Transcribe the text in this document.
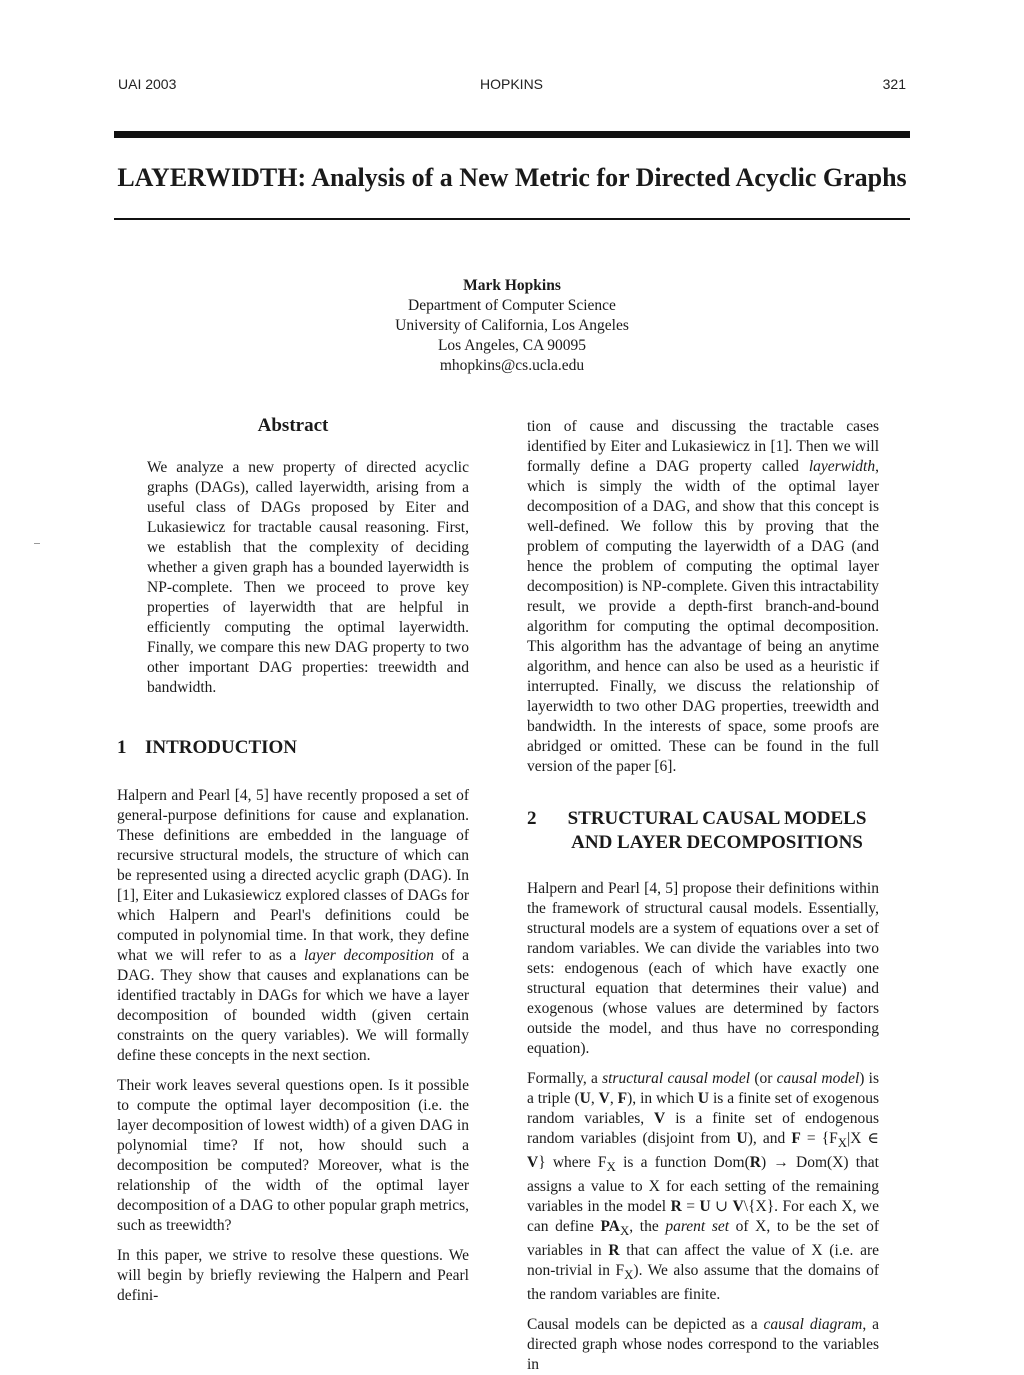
UAI 2003	HOPKINS	321
LAYERWIDTH: Analysis of a New Metric for Directed Acyclic Graphs
Mark Hopkins
Department of Computer Science
University of California, Los Angeles
Los Angeles, CA 90095
mhopkins@cs.ucla.edu
Abstract

We analyze a new property of directed acyclic graphs (DAGs), called layerwidth, arising from a useful class of DAGs proposed by Eiter and Lukasiewicz for tractable causal reasoning. First, we establish that the complexity of deciding whether a given graph has a bounded layerwidth is NP-complete. Then we proceed to prove key properties of layerwidth that are helpful in efficiently computing the optimal layerwidth. Finally, we compare this new DAG property to two other important DAG properties: treewidth and bandwidth.

1 INTRODUCTION

Halpern and Pearl [4, 5] have recently proposed a set of general-purpose definitions for cause and explanation. These definitions are embedded in the language of recursive structural models, the structure of which can be represented using a directed acyclic graph (DAG). In [1], Eiter and Lukasiewicz explored classes of DAGs for which Halpern and Pearl's definitions could be computed in polynomial time. In that work, they define what we will refer to as a layer decomposition of a DAG. They show that causes and explanations can be identified tractably in DAGs for which we have a layer decomposition of bounded width (given certain constraints on the query variables). We will formally define these concepts in the next section.

Their work leaves several questions open. Is it possible to compute the optimal layer decomposition (i.e. the layer decomposition of lowest width) of a given DAG in polynomial time? If not, how should such a decomposition be computed? Moreover, what is the relationship of the width of the optimal layer decomposition of a DAG to other popular graph metrics, such as treewidth?

In this paper, we strive to resolve these questions. We will begin by briefly reviewing the Halpern and Pearl defini-

tion of cause and discussing the tractable cases identified by Eiter and Lukasiewicz in [1]. Then we will formally define a DAG property called layerwidth, which is simply the width of the optimal layer decomposition of a DAG, and show that this concept is well-defined. We follow this by proving that the problem of computing the layerwidth of a DAG (and hence the problem of computing the optimal layer decomposition) is NP-complete. Given this intractability result, we provide a depth-first branch-and-bound algorithm for computing the optimal decomposition. This algorithm has the advantage of being an anytime algorithm, and hence can also be used as a heuristic if interrupted. Finally, we discuss the relationship of layerwidth to two other DAG properties, treewidth and bandwidth. In the interests of space, some proofs are abridged or omitted. These can be found in the full version of the paper [6].

2	STRUCTURAL CAUSAL MODELS
AND LAYER DECOMPOSITIONS

Halpern and Pearl [4, 5] propose their definitions within the framework of structural causal models. Essentially, structural models are a system of equations over a set of random variables. We can divide the variables into two sets: endogenous (each of which have exactly one structural equation that determines their value) and exogenous (whose values are determined by factors outside the model, and thus have no corresponding equation).

Formally, a structural causal model (or causal model) is a triple (U, V, F), in which U is a finite set of exogenous random variables, V is a finite set of endogenous random variables (disjoint from U), and $F = \{F_X|X$ ∈ V} where $F_X$ is a function Dom(R) → Dom(X) that assigns a value to X for each setting of the remaining variables in the model R = U ∪ V\{X}. For each X, we can define $PA_X$, the parent set of X, to be the set of variables in R that can affect the value of X (i.e. are non-trivial in $F_X$). We also assume that the domains of the random variables are finite.

Causal models can be depicted as a causal diagram, a directed graph whose nodes correspond to the variables in
